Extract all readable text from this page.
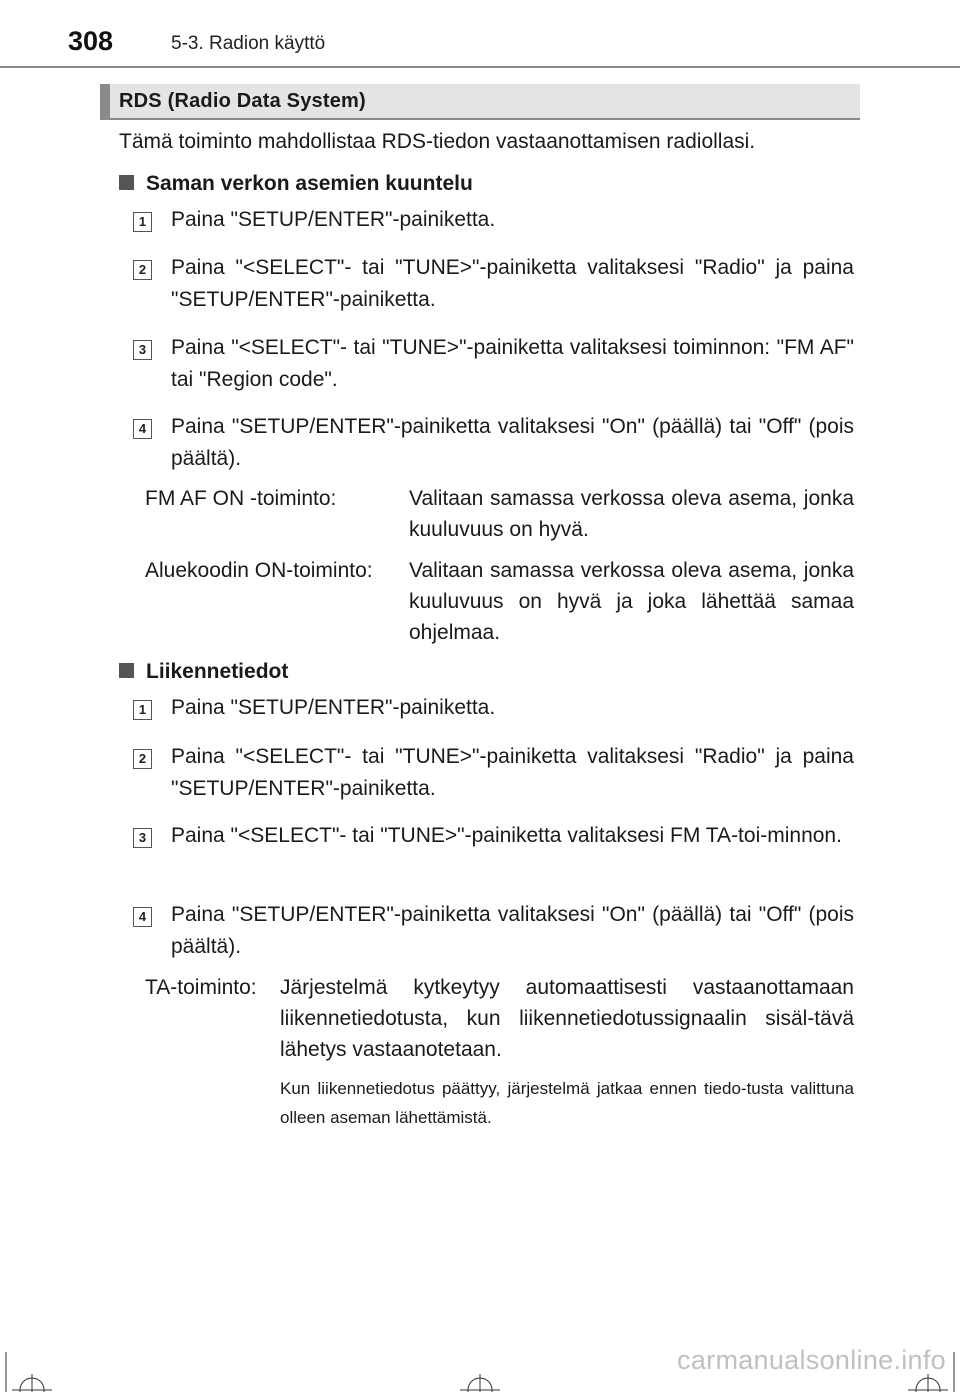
308	5-3. Radion käyttö
RDS (Radio Data System)
Tämä toiminto mahdollistaa RDS-tiedon vastaanottamisen radiollasi.
Saman verkon asemien kuuntelu
1 Paina "SETUP/ENTER"-painiketta.
2 Paina "<SELECT"- tai "TUNE>"-painiketta valitaksesi "Radio" ja paina "SETUP/ENTER"-painiketta.
3 Paina "<SELECT"- tai "TUNE>"-painiketta valitaksesi toiminnon: "FM AF" tai "Region code".
4 Paina "SETUP/ENTER"-painiketta valitaksesi "On" (päällä) tai "Off" (pois päältä).
FM AF ON -toiminto:	Valitaan samassa verkossa oleva asema, jonka kuuluvuus on hyvä.
Aluekoodin ON-toiminto: Valitaan samassa verkossa oleva asema, jonka kuuluvuus on hyvä ja joka lähettää samaa ohjelmaa.
Liikennetiedot
1 Paina "SETUP/ENTER"-painiketta.
2 Paina "<SELECT"- tai "TUNE>"-painiketta valitaksesi "Radio" ja paina "SETUP/ENTER"-painiketta.
3 Paina "<SELECT"- tai "TUNE>"-painiketta valitaksesi FM TA-toi-minnon.
4 Paina "SETUP/ENTER"-painiketta valitaksesi "On" (päällä) tai "Off" (pois päältä).
TA-toiminto: Järjestelmä kytkeytyy automaattisesti vastaanottamaan liikennetiedotusta, kun liikennetiedotussignaalin sisäl-tävä lähetys vastaanotetaan.
Kun liikennetiedotus päättyy, järjestelmä jatkaa ennen tiedo-tusta valittuna olleen aseman lähettämistä.
carmanualsonline.info
